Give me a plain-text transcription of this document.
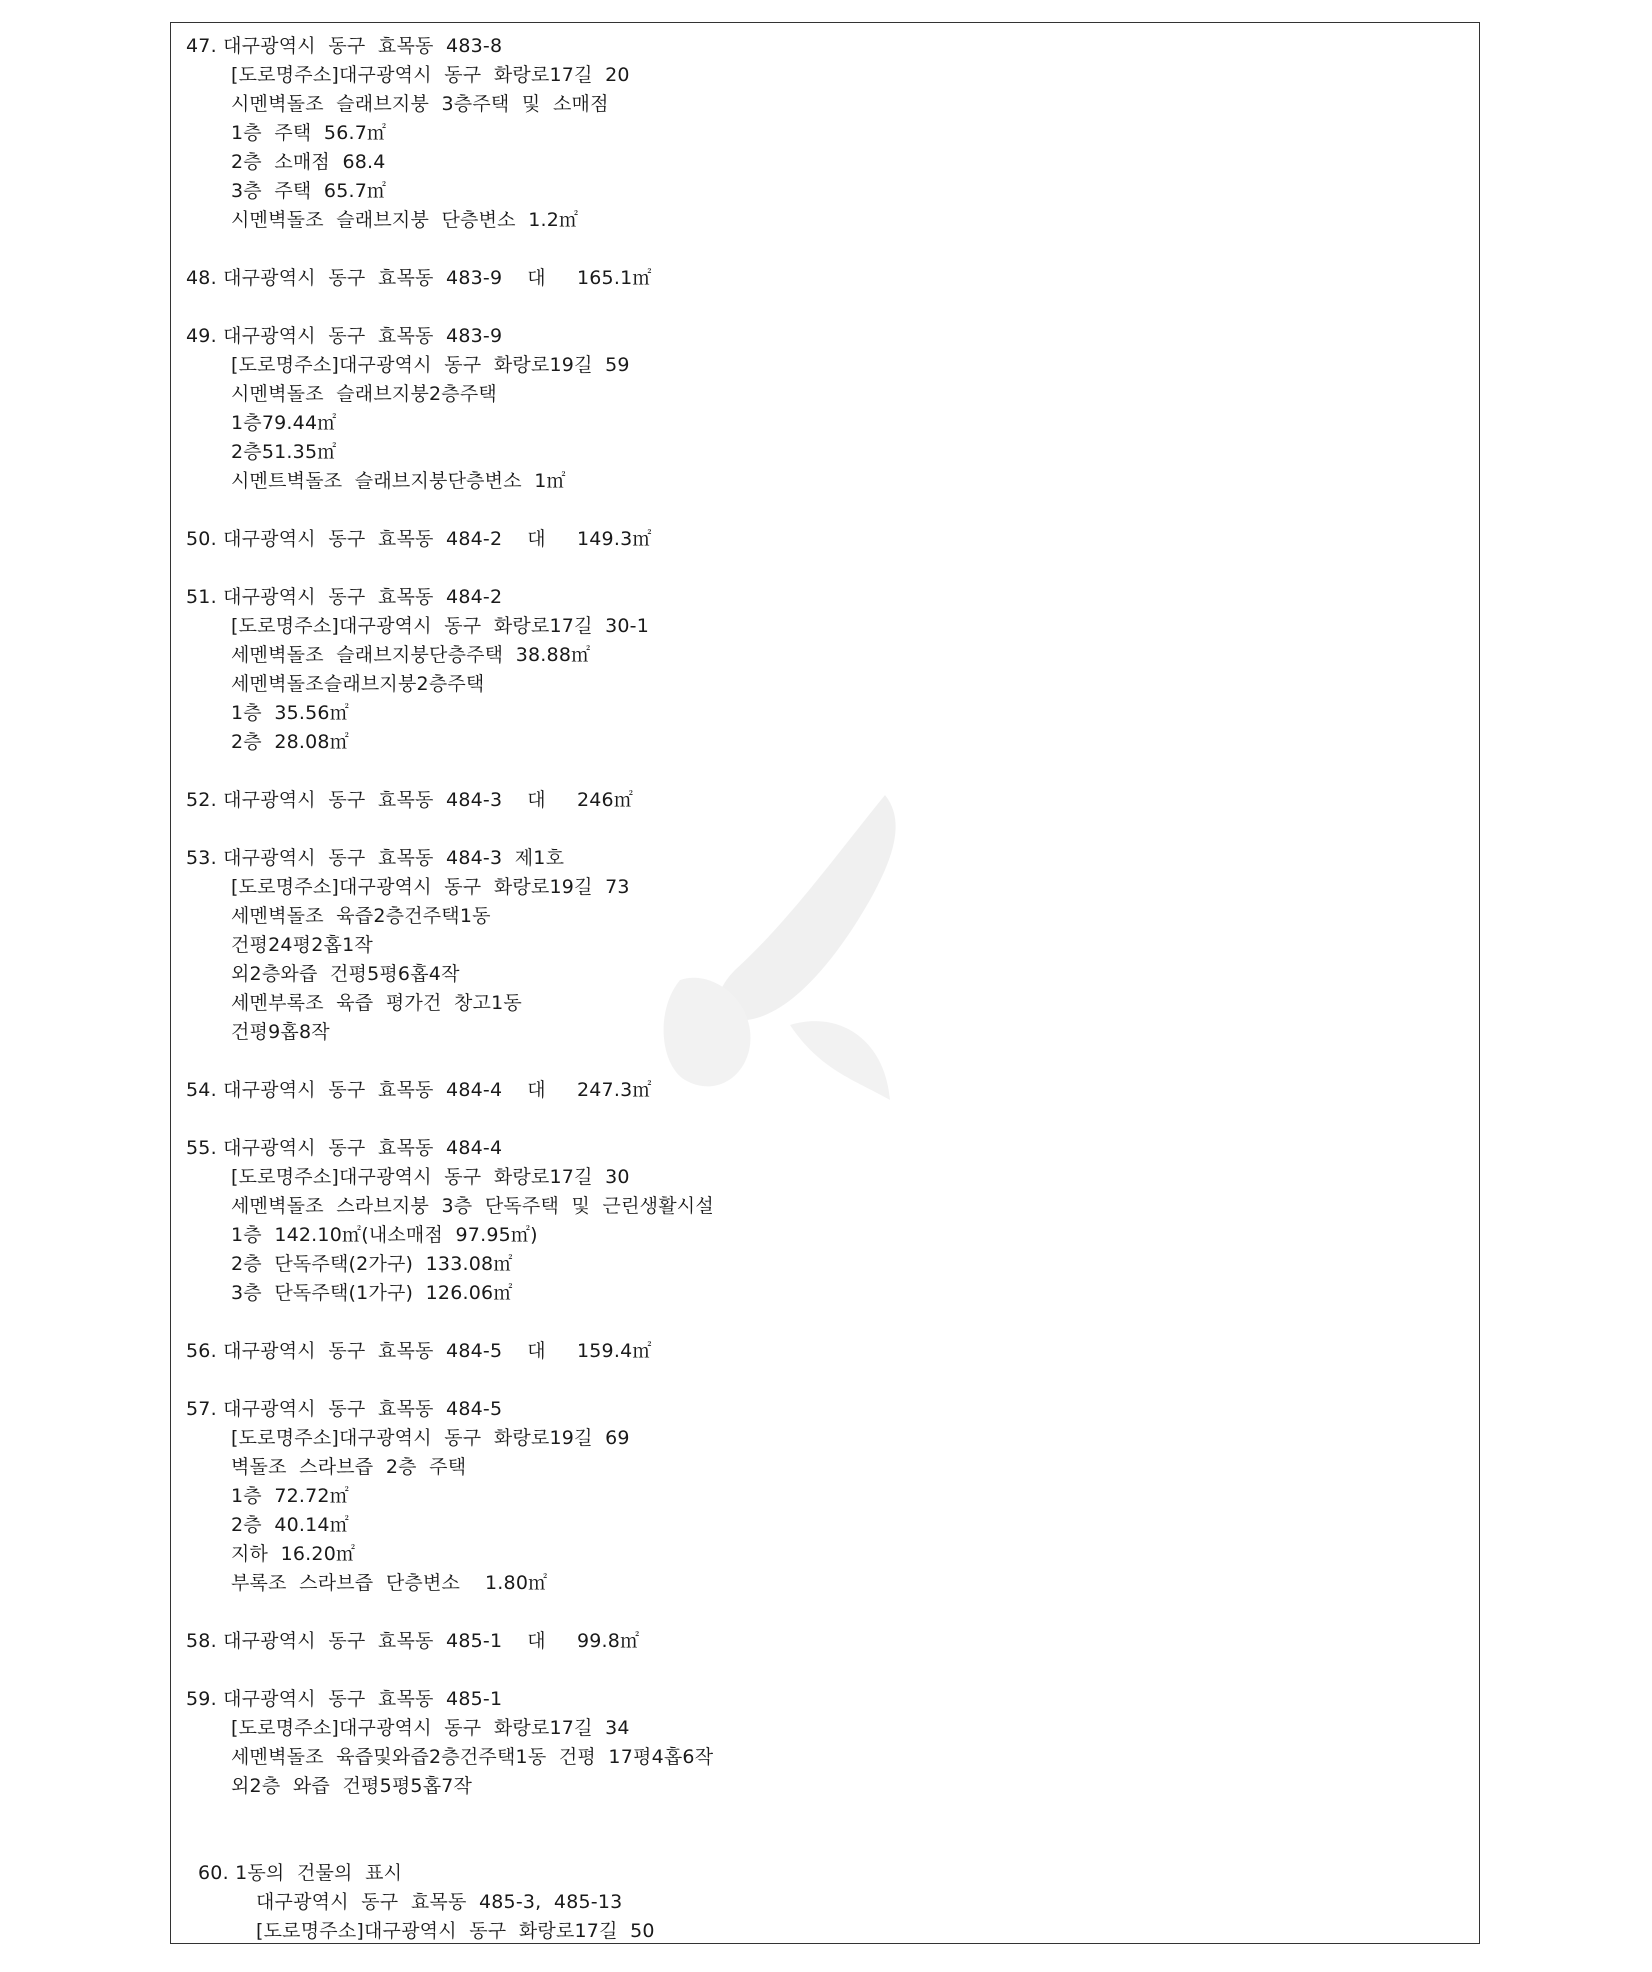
47. 대구광역시  동구  효목동  483-8
[도로명주소]대구광역시  동구  화랑로17길  20
시멘벽돌조  슬래브지붕  3층주택  및  소매점
1층  주택  56.7㎡
2층  소매점  68.4
3층  주택  65.7㎡
시멘벽돌조  슬래브지붕  단층변소  1.2㎡
48. 대구광역시  동구  효목동  483-9    대     165.1㎡
49. 대구광역시  동구  효목동  483-9
[도로명주소]대구광역시  동구  화랑로19길  59
시멘벽돌조  슬래브지붕2층주택
1층79.44㎡
2층51.35㎡
시멘트벽돌조  슬래브지붕단층변소  1㎡
50. 대구광역시  동구  효목동  484-2    대     149.3㎡
51. 대구광역시  동구  효목동  484-2
[도로명주소]대구광역시  동구  화랑로17길  30-1
세멘벽돌조  슬래브지붕단층주택  38.88㎡
세멘벽돌조슬래브지붕2층주택
1층  35.56㎡
2층  28.08㎡
52. 대구광역시  동구  효목동  484-3    대     246㎡
53. 대구광역시  동구  효목동  484-3  제1호
[도로명주소]대구광역시  동구  화랑로19길  73
세멘벽돌조  육즙2층건주택1동
건평24평2홉1작
외2층와즙  건평5평6홉4작
세멘부록조  육즙  평가건  창고1동
건평9홉8작
54. 대구광역시  동구  효목동  484-4    대     247.3㎡
55. 대구광역시  동구  효목동  484-4
[도로명주소]대구광역시  동구  화랑로17길  30
세멘벽돌조  스라브지붕  3층  단독주택  및  근린생활시설
1층  142.10㎡(내소매점  97.95㎡)
2층  단독주택(2가구)  133.08㎡
3층  단독주택(1가구)  126.06㎡
56. 대구광역시  동구  효목동  484-5    대     159.4㎡
57. 대구광역시  동구  효목동  484-5
[도로명주소]대구광역시  동구  화랑로19길  69
벽돌조  스라브즙  2층  주택
1층  72.72㎡
2층  40.14㎡
지하  16.20㎡
부록조  스라브즙  단층변소    1.80㎡
58. 대구광역시  동구  효목동  485-1    대     99.8㎡
59. 대구광역시  동구  효목동  485-1
[도로명주소]대구광역시  동구  화랑로17길  34
세멘벽돌조  육즙및와즙2층건주택1동  건평  17평4홉6작
외2층  와즙  건평5평5홉7작
60. 1동의  건물의  표시
대구광역시  동구  효목동  485-3,  485-13
[도로명주소]대구광역시  동구  화랑로17길  50
